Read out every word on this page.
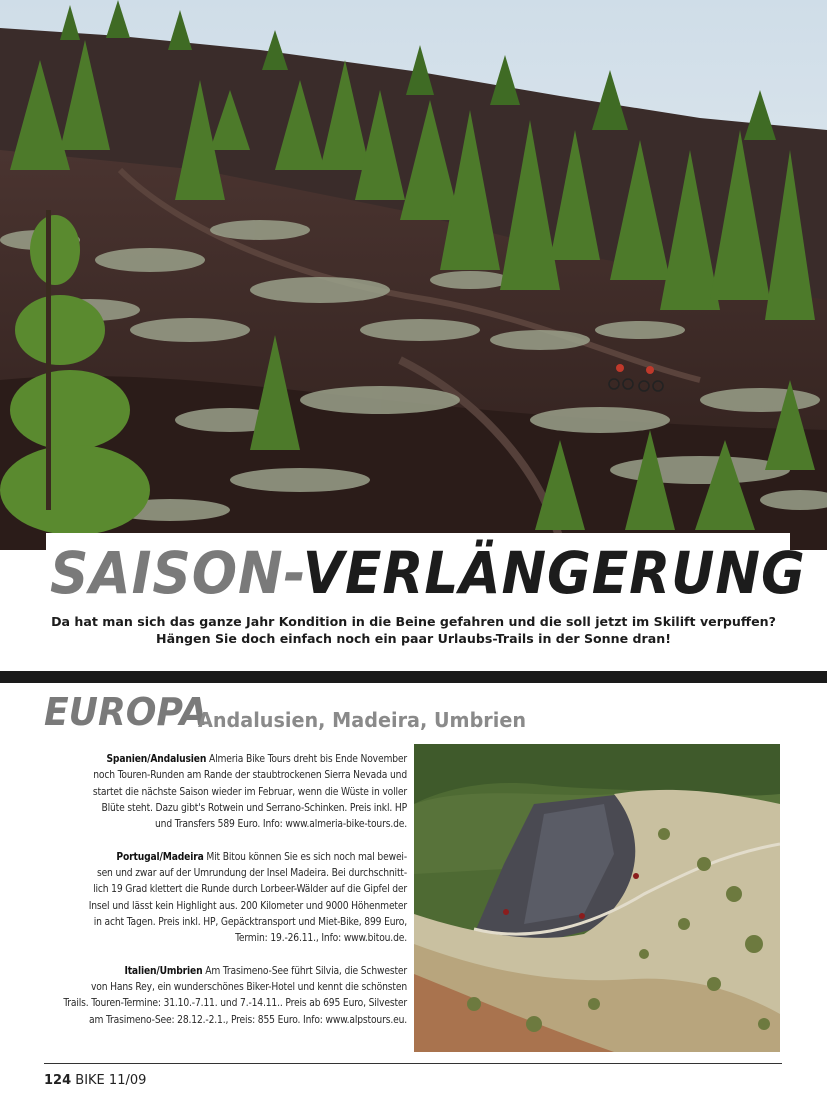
SAISON-VERLÄNGERUNG
Da hat man sich das ganze Jahr Kondition in die Beine gefahren und die soll jetzt im Skilift verpuffen?
Hängen Sie doch einfach noch ein paar Urlaubs-Trails in der Sonne dran!
EUROPA
Andalusien, Madeira, Umbrien
Spanien/Andalusien Almeria Bike Tours dreht bis Ende November
noch Touren-Runden am Rande der staubtrockenen Sierra Nevada und
startet die nächste Saison wieder im Februar, wenn die Wüste in voller
Blüte steht. Dazu gibt's Rotwein und Serrano-Schinken. Preis inkl. HP
und Transfers 589 Euro. Info: www.almeria-bike-tours.de.
Portugal/Madeira Mit Bitou können Sie es sich noch mal bewei-
sen und zwar auf der Umrundung der Insel Madeira. Bei durchschnitt-
lich 19 Grad klettert die Runde durch Lorbeer-Wälder auf die Gipfel der
Insel und lässt kein Highlight aus. 200 Kilometer und 9000 Höhenmeter
in acht Tagen. Preis inkl. HP, Gepäcktransport und Miet-Bike, 899 Euro,
Termin: 19.-26.11., Info: www.bitou.de.
Italien/Umbrien Am Trasimeno-See führt Silvia, die Schwester
von Hans Rey, ein wunderschönes Biker-Hotel und kennt die schönsten
Trails. Touren-Termine: 31.10.-7.11. und 7.-14.11.. Preis ab 695 Euro, Silvester
am Trasimeno-See: 28.12.-2.1., Preis: 855 Euro. Info: www.alpstours.eu.
124 BIKE 11/09
